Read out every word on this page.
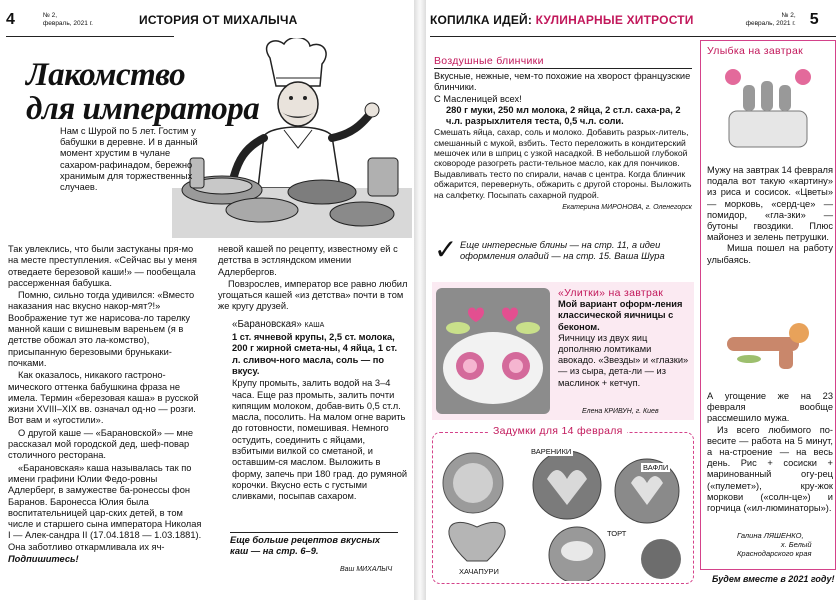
4	№ 2,
февраль, 2021 г.	ИСТОРИЯ ОТ МИХАЛЫЧА
Лакомство
для императора
Нам с Шурой по 5 лет. Гостим у бабушки в деревне. И в данный момент хрустим в чулане сахаром-рафинадом, бережно хранимым для торжественных случаев.

Так увлеклись, что были застуканы пря-мо на месте преступления. «Сейчас вы у меня отведаете березовой каши!» — пообещала рассерженная бабушка.

Помню, сильно тогда удивился: «Вместо наказания нас вкусно накор-мят?!» Воображение тут же нарисова-ло тарелку манной каши с вишневым вареньем (я в детстве обожал это ла-комство), присыпанную березовыми брунькаки-почками.

Как оказалось, никакого гастроно-мического оттенка бабушкина фраза не имела. Термин «березовая каша» в русской жизни XVIII–XIX вв. означал од-но — розги. Вот вам и «угостили».

О другой каше — «Барановской» — мне рассказал мой городской дед, шеф-повар столичного ресторана.

«Барановская» каша называлась так по имени графини Юлии Федо-ровны Адлерберг, в замужестве ба-ронессы фон Баранов. Баронесса Юлия была воспитательницей цар-ских детей, в том числе и старшего сына императора Николая I — Алек-сандра II (17.04.1818 — 1.03.1881). Она заботливо откармливала их яч-

Подпишитесь!

невой кашей по рецепту, известному ей с детства в эстляндском имении Адлербергов.

Повзрослев, император все равно любил угощаться кашей «из детства» почти в том же кругу друзей.

«Барановская» каша

1 ст. ячневой крупы, 2,5 ст. молока, 200 г жирной смета-ны, 4 яйца, 1 ст. л. сливоч-ного масла, соль — по вкусу.

Крупу промыть, залить водой на 3–4 часа. Еще раз промыть, залить почти кипящим молоком, добав-вить 0,5 ст.л. масла, посолить. На малом огне варить до готовности, помешивая. Немного остудить, соединить с яйцами, взбитыми вилкой со сметаной, и оставшим-ся маслом. Выложить в форму, запечь при 180 град. до румяной корочки. Вкусно есть с густыми сливками, посыпав сахаром.

Еще больше рецептов вкусных каш — на стр. 6–9.
Ваш МИХАЛЫЧ
КОПИЛКА ИДЕЙ: КУЛИНАРНЫЕ ХИТРОСТИ	№ 2,
февраль, 2021 г. 5
Воздушные блинчики

Вкусные, нежные, чем-то похожие на хворост французские блинчики.

С Масленицей всех!

280 г муки, 250 мл молока, 2 яйца, 2 ст.л. саха-ра, 2 ч.л. разрыхлителя теста, 0,5 ч.л. соли.

Смешать яйца, сахар, соль и молоко. Добавить разрых-литель, смешанный с мукой, взбить. Тесто переложить в кондитерский мешочек или в шприц с узкой насадкой. В небольшой глубокой сковороде разогреть расти-тельное масло, как для пончиков. Выдавливать тесто по спирали, начав с центра. Когда блинчик обжарится, перевернуть, обжарить с другой стороны. Выложить на салфетку. Посыпать сахарной пудрой.

Екатерина МИРОНОВА, г. Оленегорск

✓ Еще интересные блины — на стр. 11, а идеи оформления оладий — на стр. 15. Ваша Шура

«Улитки» на завтрак

Мой вариант оформ-ления классической яичницы с беконом.

Яичницу из двух яиц дополняю ломтиками авокадо. «Звезды» и «глазки» — из сыра, дета-ли — из маслинок + кетчуп.

Елена КРИВУН, г. Киев
Задумки для 14 февраля
ВАРЕНИКИ
ВАФЛИ
ХАЧАПУРИ
ТОРТ
Улыбка на завтрак

Мужу на завтрак 14 февраля подала вот такую «картину» из риса и сосисок. «Цветы» — морковь, «серд-це» — помидор, «гла-зки» — бутоны гвоздики. Плюс майонез и зелень петрушки.

Миша пошел на работу улыбаясь.

А угощение же на 23 февраля вообще рассмешило мужа.

Из всего любимого по-весите — работа на 5 минут, а на-строение — на весь день. Рис + сосиски + маринованный огу-рец («пулемет»), кру-жок моркови («солн-це») и горчица («ил-люминаторы»).

Галина ЛЯШЕНКО,
х. Белый
Краснодарского края
Будем вместе в 2021 году!
